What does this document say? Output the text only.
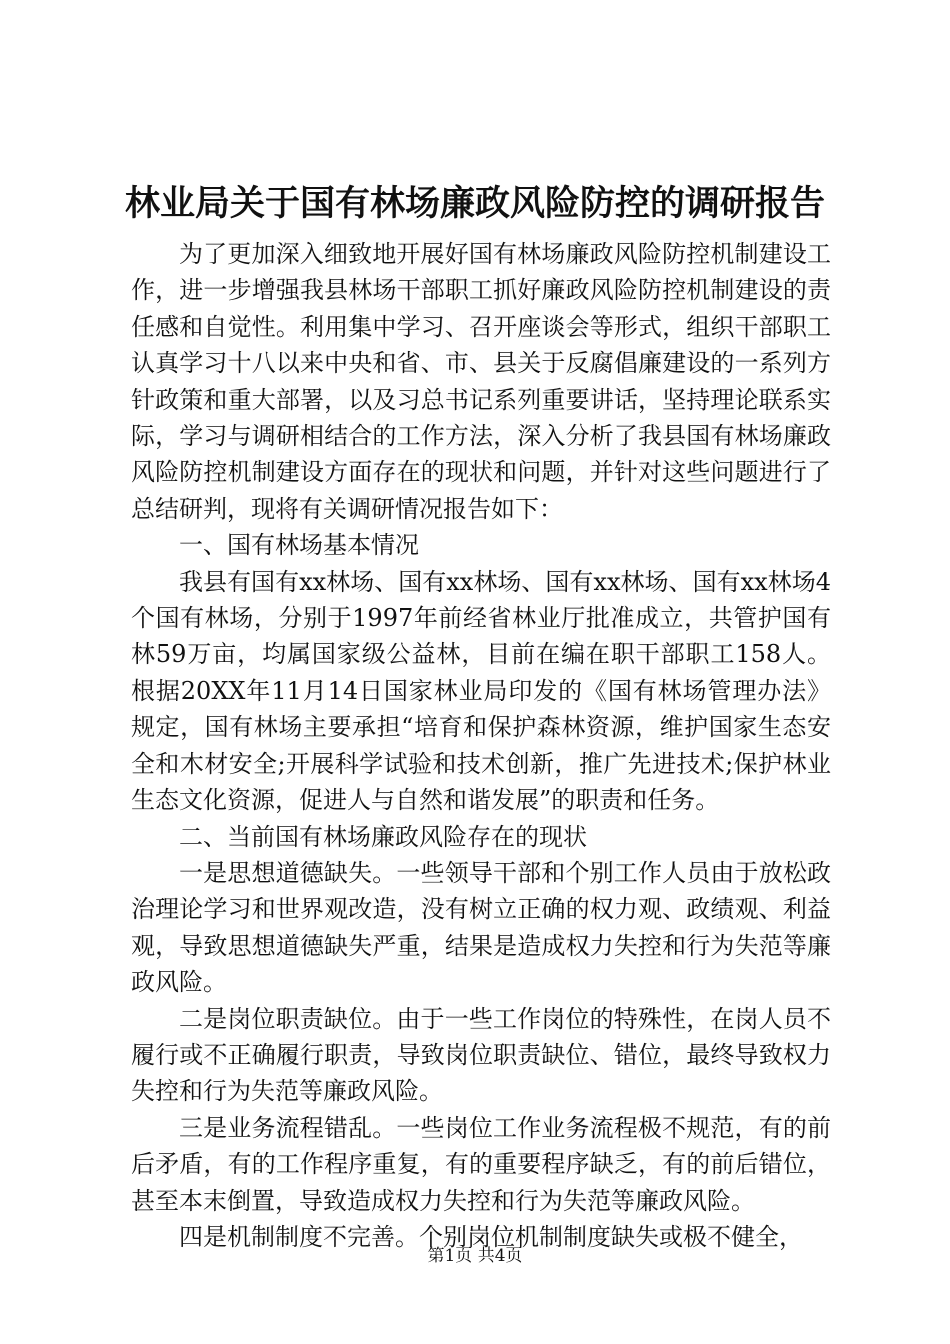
林业局关于国有林场廉政风险防控的调研报告

为了更加深入细致地开展好国有林场廉政风险防控机制建设工作，进一步增强我县林场干部职工抓好廉政风险防控机制建设的责任感和自觉性。利用集中学习、召开座谈会等形式，组织干部职工认真学习十八以来中央和省、市、县关于反腐倡廉建设的一系列方针政策和重大部署，以及习总书记系列重要讲话，坚持理论联系实际，学习与调研相结合的工作方法，深入分析了我县国有林场廉政风险防控机制建设方面存在的现状和问题，并针对这些问题进行了总结研判，现将有关调研情况报告如下：

一、国有林场基本情况

我县有国有xx林场、国有xx林场、国有xx林场、国有xx林场4个国有林场，分别于1997年前经省林业厅批准成立，共管护国有林59万亩，均属国家级公益林，目前在编在职干部职工158人。根据20XX年11月14日国家林业局印发的《国有林场管理办法》规定，国有林场主要承担“培育和保护森林资源，维护国家生态安全和木材安全;开展科学试验和技术创新，推广先进技术;保护林业生态文化资源，促进人与自然和谐发展”的职责和任务。

二、当前国有林场廉政风险存在的现状

一是思想道德缺失。一些领导干部和个别工作人员由于放松政治理论学习和世界观改造，没有树立正确的权力观、政绩观、利益观，导致思想道德缺失严重，结果是造成权力失控和行为失范等廉政风险。

二是岗位职责缺位。由于一些工作岗位的特殊性，在岗人员不履行或不正确履行职责，导致岗位职责缺位、错位，最终导致权力失控和行为失范等廉政风险。

三是业务流程错乱。一些岗位工作业务流程极不规范，有的前后矛盾，有的工作程序重复，有的重要程序缺乏，有的前后错位，甚至本末倒置，导致造成权力失控和行为失范等廉政风险。

四是机制制度不完善。个别岗位机制制度缺失或极不健全，

第1页 共4页
